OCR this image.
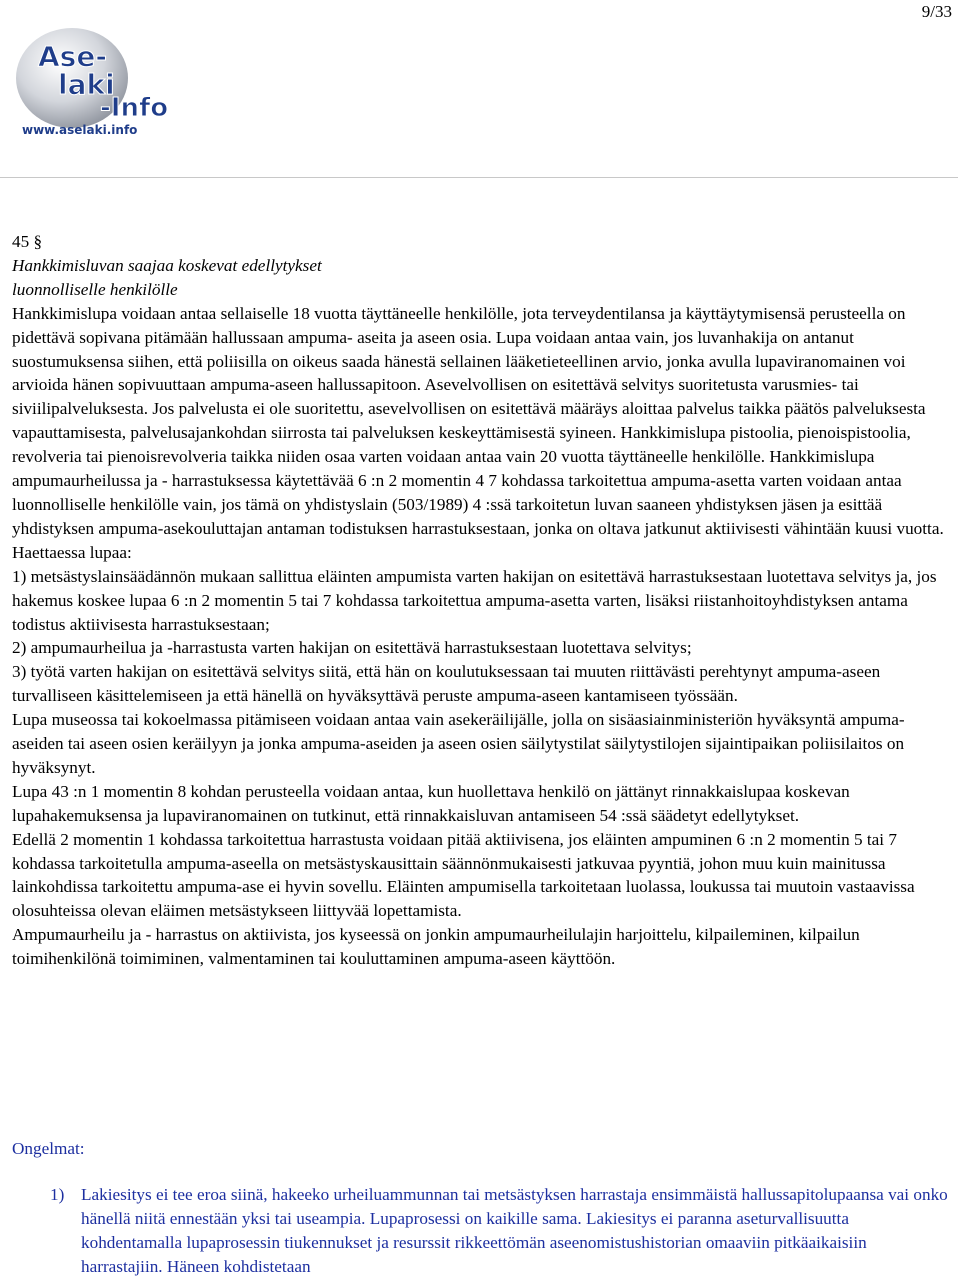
9/33
Ase-
laki
-Info
www.aselaki.info

45 §

Hankkimisluvan saajaa koskevat edellytykset

luonnolliselle henkilölle

Hankkimislupa voidaan antaa sellaiselle 18 vuotta täyttäneelle henkilölle, jota terveydentilansa ja käyttäytymisensä perusteella on pidettävä sopivana pitämään hallussaan ampuma- aseita ja aseen osia. Lupa voidaan antaa vain, jos luvanhakija on antanut suostumuksensa siihen, että poliisilla on oikeus saada hänestä sellainen lääketieteellinen arvio, jonka avulla lupaviranomainen voi arvioida hänen sopivuuttaan ampuma-aseen hallussapitoon. Asevelvollisen on esitettävä selvitys suoritetusta varusmies- tai siviilipalveluksesta. Jos palvelusta ei ole suoritettu, asevelvollisen on esitettävä määräys aloittaa palvelus taikka päätös palveluksesta vapauttamisesta, palvelusajankohdan siirrosta tai palveluksen keskeyttämisestä syineen. Hankkimislupa pistoolia, pienoispistoolia, revolveria tai pienoisrevolveria taikka niiden osaa varten voidaan antaa vain 20 vuotta täyttäneelle henkilölle. Hankkimislupa ampumaurheilussa ja - harrastuksessa käytettävää 6 :n 2 momentin 4 7 kohdassa tarkoitettua ampuma-asetta varten voidaan antaa luonnolliselle henkilölle vain, jos tämä on yhdistyslain (503/1989) 4 :ssä tarkoitetun luvan saaneen yhdistyksen jäsen ja esittää yhdistyksen ampuma-asekouluttajan antaman todistuksen harrastuksestaan, jonka on oltava jatkunut aktiivisesti vähintään kuusi vuotta.

Haettaessa lupaa:

1) metsästyslainsäädännön mukaan sallittua eläinten ampumista varten hakijan on esitettävä harrastuksestaan luotettava selvitys ja, jos hakemus koskee lupaa 6 :n 2 momentin 5 tai 7 kohdassa tarkoitettua ampuma-asetta varten, lisäksi riistanhoitoyhdistyksen antama todistus aktiivisesta harrastuksestaan;

2) ampumaurheilua ja -harrastusta varten hakijan on esitettävä harrastuksestaan luotettava selvitys;

3) työtä varten hakijan on esitettävä selvitys siitä, että hän on koulutuksessaan tai muuten riittävästi perehtynyt ampuma-aseen turvalliseen käsittelemiseen ja että hänellä on hyväksyttävä peruste ampuma-aseen kantamiseen työssään.

Lupa museossa tai kokoelmassa pitämiseen voidaan antaa vain asekeräilijälle, jolla on sisäasiainministeriön hyväksyntä ampuma-aseiden tai aseen osien keräilyyn ja jonka ampuma-aseiden ja aseen osien säilytystilat säilytystilojen sijaintipaikan poliisilaitos on hyväksynyt.

Lupa 43 :n 1 momentin 8 kohdan perusteella voidaan antaa, kun huollettava henkilö on jättänyt rinnakkaislupaa koskevan lupahakemuksensa ja lupaviranomainen on tutkinut, että rinnakkaisluvan antamiseen 54 :ssä säädetyt edellytykset.

Edellä 2 momentin 1 kohdassa tarkoitettua harrastusta voidaan pitää aktiivisena, jos eläinten ampuminen 6 :n 2 momentin 5 tai 7 kohdassa tarkoitetulla ampuma-aseella on metsästyskausittain säännönmukaisesti jatkuvaa pyyntiä, johon muu kuin mainitussa lainkohdissa tarkoitettu ampuma-ase ei hyvin sovellu. Eläinten ampumisella tarkoitetaan luolassa, loukussa tai muutoin vastaavissa olosuhteissa olevan eläimen metsästykseen liittyvää lopettamista.

Ampumaurheilu ja - harrastus on aktiivista, jos kyseessä on jonkin ampumaurheilulajin harjoittelu, kilpaileminen, kilpailun toimihenkilönä toimiminen, valmentaminen tai kouluttaminen ampuma-aseen käyttöön.

Ongelmat:

1) Lakiesitys ei tee eroa siinä, hakeeko urheiluammunnan tai metsästyksen harrastaja ensimmäistä hallussapitolupaansa vai onko hänellä niitä ennestään yksi tai useampia. Lupaprosessi on kaikille sama. Lakiesitys ei paranna aseturvallisuutta kohdentamalla lupaprosessin tiukennukset ja resurssit rikkeettömän aseenomistushistorian omaaviin pitkäaikaisiin harrastajiin. Häneen kohdistetaan
